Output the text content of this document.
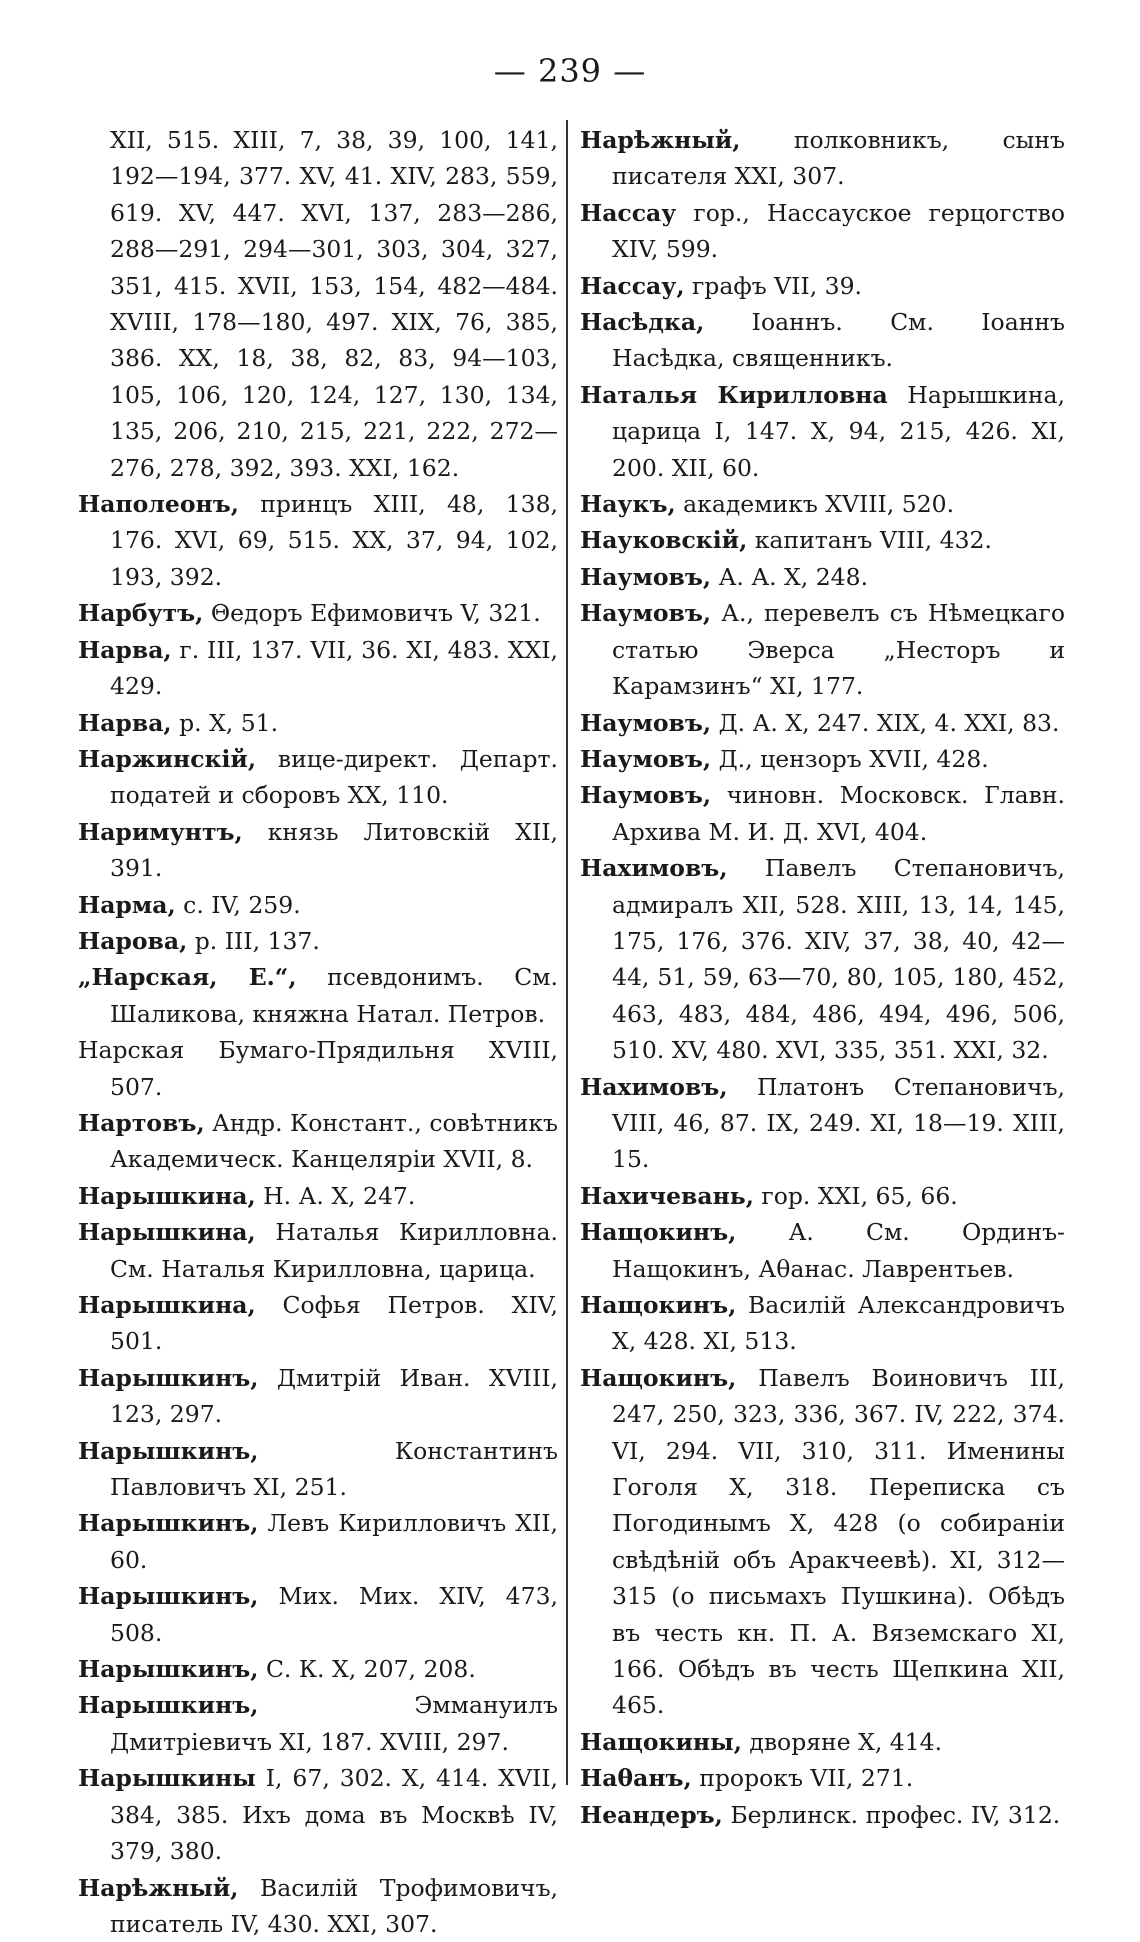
— 239 —

XII, 515. XIII, 7, 38, 39, 100, 141, 192—194, 377. XV, 41. XIV, 283, 559, 619. XV, 447. XVI, 137, 283—286, 288—291, 294—301, 303, 304, 327, 351, 415. XVII, 153, 154, 482—484. XVIII, 178—180, 497. XIX, 76, 385, 386. XX, 18, 38, 82, 83, 94—103, 105, 106, 120, 124, 127, 130, 134, 135, 206, 210, 215, 221, 222, 272—276, 278, 392, 393. XXI, 162.

Наполеонъ, принцъ XIII, 48, 138, 176. XVI, 69, 515. XX, 37, 94, 102, 193, 392.

Нарбутъ, Θедоръ Ефимовичъ V, 321.

Нарва, г. III, 137. VII, 36. XI, 483. XXI, 429.

Нарва, р. X, 51.

Наржинскій, вице-директ. Департ. податей и сборовъ XX, 110.

Наримунтъ, князь Литовскій XII, 391.

Нарма, с. IV, 259.

Нарова, р. III, 137.

„Нарская, Е.“, псевдонимъ. См. Шаликова, княжна Натал. Петров.

Нарская Бумаго-Прядильня XVIII, 507.

Нартовъ, Андр. Констант., совѣтникъ Академическ. Канцеляріи XVII, 8.

Нарышкина, Н. А. X, 247.

Нарышкина, Наталья Кирилловна. См. Наталья Кирилловна, царица.

Нарышкина, Софья Петров. XIV, 501.

Нарышкинъ, Дмитрій Иван. XVIII, 123, 297.

Нарышкинъ, Константинъ Павловичъ XI, 251.

Нарышкинъ, Левъ Кирилловичъ XII, 60.

Нарышкинъ, Мих. Мих. XIV, 473, 508.

Нарышкинъ, С. К. X, 207, 208.

Нарышкинъ, Эммануилъ Дмитріевичъ XI, 187. XVIII, 297.

Нарышкины I, 67, 302. X, 414. XVII, 384, 385. Ихъ дома въ Москвѣ IV, 379, 380.

Нарѣжный, Василій Трофимовичъ, писатель IV, 430. XXI, 307.

Нарѣжный, полковникъ, сынъ писателя XXI, 307.

Нассау гор., Нассауское герцогство XIV, 599.

Нассау, графъ VII, 39.

Насѣдка, Іоаннъ. См. Іоаннъ Насѣдка, священникъ.

Наталья Кирилловна Нарышкина, царица I, 147. X, 94, 215, 426. XI, 200. XII, 60.

Наукъ, академикъ XVIII, 520.

Науковскій, капитанъ VIII, 432.

Наумовъ, А. А. X, 248.

Наумовъ, А., перевелъ съ Нѣмецкаго статью Эверса „Несторъ и Карамзинъ“ XI, 177.

Наумовъ, Д. А. X, 247. XIX, 4. XXI, 83.

Наумовъ, Д., цензоръ XVII, 428.

Наумовъ, чиновн. Московск. Главн. Архива М. И. Д. XVI, 404.

Нахимовъ, Павелъ Степановичъ, адмиралъ XII, 528. XIII, 13, 14, 145, 175, 176, 376. XIV, 37, 38, 40, 42—44, 51, 59, 63—70, 80, 105, 180, 452, 463, 483, 484, 486, 494, 496, 506, 510. XV, 480. XVI, 335, 351. XXI, 32.

Нахимовъ, Платонъ Степановичъ, VIII, 46, 87. IX, 249. XI, 18—19. XIII, 15.

Нахичевань, гор. XXI, 65, 66.

Нащокинъ, А. См. Ординъ-Нащокинъ, Аθанас. Лаврентьев.

Нащокинъ, Василій Александровичъ X, 428. XI, 513.

Нащокинъ, Павелъ Воиновичъ III, 247, 250, 323, 336, 367. IV, 222, 374. VI, 294. VII, 310, 311. Именины Гоголя X, 318. Переписка съ Погодинымъ X, 428 (о собираніи свѣдѣній объ Аракчеевѣ). XI, 312—315 (о письмахъ Пушкина). Обѣдъ въ честь кн. П. А. Вяземскаго XI, 166. Обѣдъ въ честь Щепкина XII, 465.

Нащокины, дворяне X, 414.

Наθанъ, пророкъ VII, 271.

Неандеръ, Берлинск. профес. IV, 312.
